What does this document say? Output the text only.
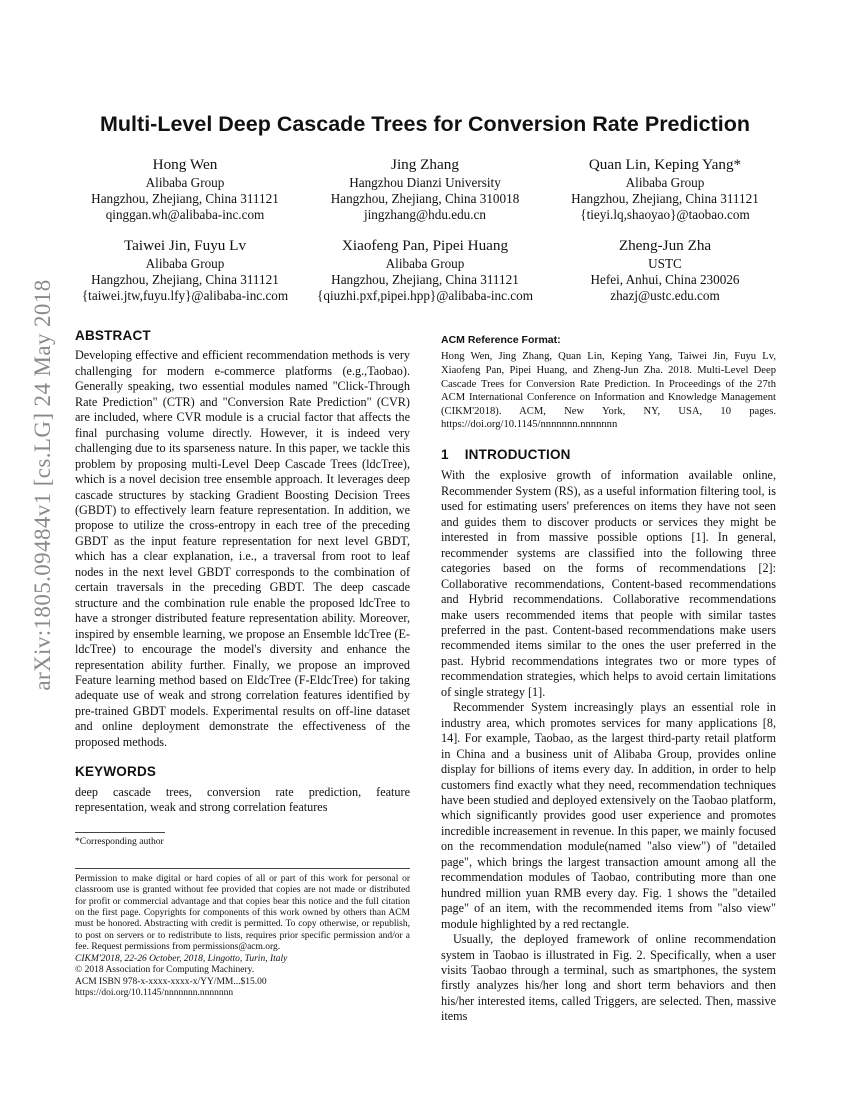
arXiv:1805.09484v1 [cs.LG] 24 May 2018
Multi-Level Deep Cascade Trees for Conversion Rate Prediction
Hong Wen
Alibaba Group
Hangzhou, Zhejiang, China 311121
qinggan.wh@alibaba-inc.com
Jing Zhang
Hangzhou Dianzi University
Hangzhou, Zhejiang, China 310018
jingzhang@hdu.edu.cn
Quan Lin, Keping Yang*
Alibaba Group
Hangzhou, Zhejiang, China 311121
{tieyi.lq,shaoyao}@taobao.com
Taiwei Jin, Fuyu Lv
Alibaba Group
Hangzhou, Zhejiang, China 311121
{taiwei.jtw,fuyu.lfy}@alibaba-inc.com
Xiaofeng Pan, Pipei Huang
Alibaba Group
Hangzhou, Zhejiang, China 311121
{qiuzhi.pxf,pipei.hpp}@alibaba-inc.com
Zheng-Jun Zha
USTC
Hefei, Anhui, China 230026
zhazj@ustc.edu.com
ABSTRACT

Developing effective and efficient recommendation methods is very challenging for modern e-commerce platforms (e.g.,Taobao). Generally speaking, two essential modules named "Click-Through Rate Prediction" (CTR) and "Conversion Rate Prediction" (CVR) are included, where CVR module is a crucial factor that affects the final purchasing volume directly. However, it is indeed very challenging due to its sparseness nature. In this paper, we tackle this problem by proposing multi-Level Deep Cascade Trees (ldcTree), which is a novel decision tree ensemble approach. It leverages deep cascade structures by stacking Gradient Boosting Decision Trees (GBDT) to effectively learn feature representation. In addition, we propose to utilize the cross-entropy in each tree of the preceding GBDT as the input feature representation for next level GBDT, which has a clear explanation, i.e., a traversal from root to leaf nodes in the next level GBDT corresponds to the combination of certain traversals in the preceding GBDT. The deep cascade structure and the combination rule enable the proposed ldcTree to have a stronger distributed feature representation ability. Moreover, inspired by ensemble learning, we propose an Ensemble ldcTree (E-ldcTree) to encourage the model's diversity and enhance the representation ability further. Finally, we propose an improved Feature learning method based on EldcTree (F-EldcTree) for taking adequate use of weak and strong correlation features identified by pre-trained GBDT models. Experimental results on off-line dataset and online deployment demonstrate the effectiveness of the proposed methods.

KEYWORDS

deep cascade trees, conversion rate prediction, feature representation, weak and strong correlation features

*Corresponding author
Permission to make digital or hard copies of all or part of this work for personal or classroom use is granted without fee provided that copies are not made or distributed for profit or commercial advantage and that copies bear this notice and the full citation on the first page. Copyrights for components of this work owned by others than ACM must be honored. Abstracting with credit is permitted. To copy otherwise, or republish, to post on servers or to redistribute to lists, requires prior specific permission and/or a fee. Request permissions from permissions@acm.org.
CIKM'2018, 22-26 October, 2018, Lingotto, Turin, Italy
© 2018 Association for Computing Machinery.
ACM ISBN 978-x-xxxx-xxxx-x/YY/MM...$15.00
https://doi.org/10.1145/nnnnnnn.nnnnnnn
ACM Reference Format:

Hong Wen, Jing Zhang, Quan Lin, Keping Yang, Taiwei Jin, Fuyu Lv, Xiaofeng Pan, Pipei Huang, and Zheng-Jun Zha. 2018. Multi-Level Deep Cascade Trees for Conversion Rate Prediction. In Proceedings of the 27th ACM International Conference on Information and Knowledge Management (CIKM'2018). ACM, New York, NY, USA, 10 pages. https://doi.org/10.1145/nnnnnnn.nnnnnnn

1 INTRODUCTION

With the explosive growth of information available online, Recommender System (RS), as a useful information filtering tool, is used for estimating users' preferences on items they have not seen and guides them to discover products or services they might be interested in from massive possible options [1]. In general, recommender systems are classified into the following three categories based on the forms of recommendations [2]: Collaborative recommendations, Content-based recommendations and Hybrid recommendations. Collaborative recommendations make users recommended items that people with similar tastes preferred in the past. Content-based recommendations make users recommended items similar to the ones the user preferred in the past. Hybrid recommendations integrates two or more types of recommendation strategies, which helps to avoid certain limitations of single strategy [1].

Recommender System increasingly plays an essential role in industry area, which promotes services for many applications [8, 14]. For example, Taobao, as the largest third-party retail platform in China and a business unit of Alibaba Group, provides online display for billions of items every day. In addition, in order to help customers find exactly what they need, recommendation techniques have been studied and deployed extensively on the Taobao platform, which significantly provides good user experience and promotes incredible increasement in revenue. In this paper, we mainly focused on the recommendation module(named "also view") of "detailed page", which brings the largest transaction amount among all the recommendation modules of Taobao, contributing more than one hundred million yuan RMB every day. Fig. 1 shows the "detailed page" of an item, with the recommended items from "also view" module highlighted by a red rectangle.

Usually, the deployed framework of online recommendation system in Taobao is illustrated in Fig. 2. Specifically, when a user visits Taobao through a terminal, such as smartphones, the system firstly analyzes his/her long and short term behaviors and then his/her interested items, called Triggers, are selected. Then, massive items
